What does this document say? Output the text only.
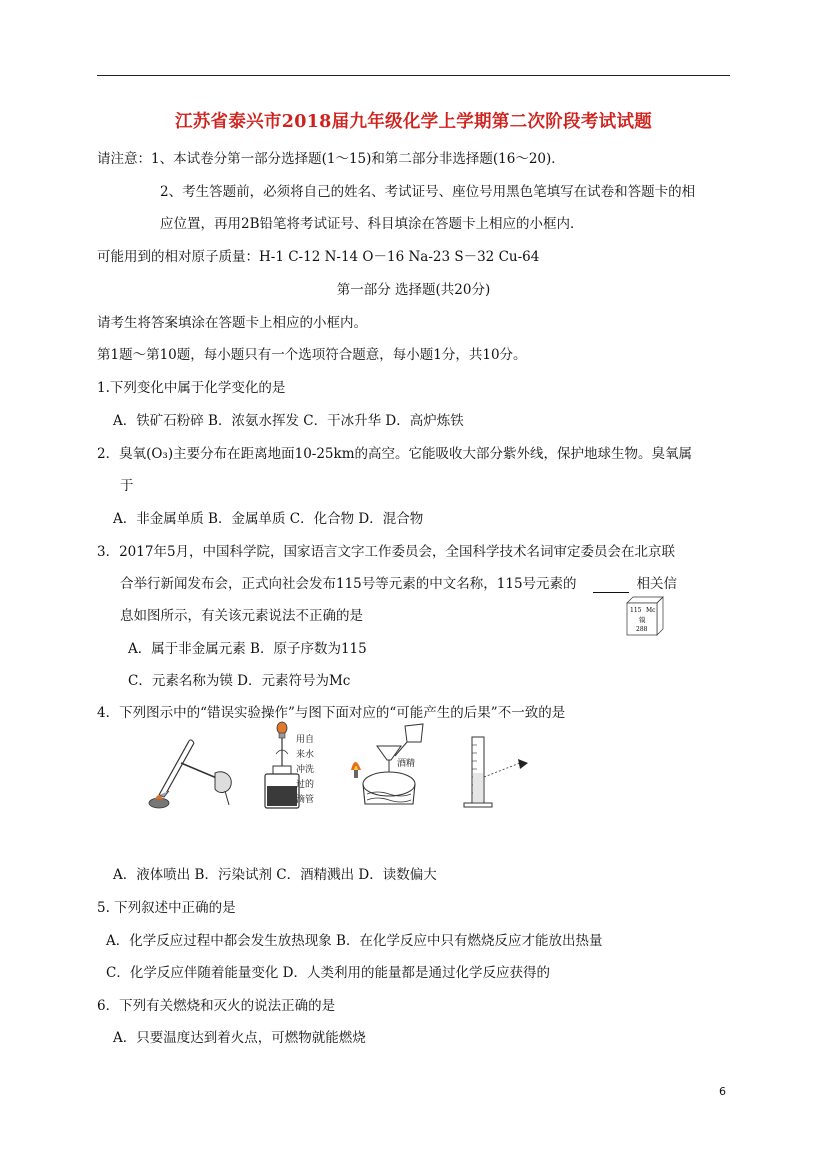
江苏省泰兴市2018届九年级化学上学期第二次阶段考试试题
请注意：1、本试卷分第一部分选择题(1～15)和第二部分非选择题(16～20)．
2、考生答题前，必须将自己的姓名、考试证号、座位号用黑色笔填写在试卷和答题卡的相
应位置，再用2B铅笔将考试证号、科目填涂在答题卡上相应的小框内．
可能用到的相对原子质量：H-1 C-12 N-14 O－16 Na-23 S－32 Cu-64
第一部分 选择题(共20分)
请考生将答案填涂在答题卡上相应的小框内。
第1题～第10题，每小题只有一个选项符合题意，每小题1分，共10分。
1.下列变化中属于化学变化的是
A．铁矿石粉碎 B．浓氨水挥发 C．干冰升华 D．高炉炼铁
2．臭氧(O₃)主要分布在距离地面10-25km的高空。它能吸收大部分紫外线，保护地球生物。臭氧属
于
A．非金属单质 B．金属单质 C．化合物 D．混合物
3．2017年5月，中国科学院，国家语言文字工作委员会，全国科学技术名词审定委员会在北京联
合举行新闻发布会，正式向社会发布115号等元素的中文名称，115号元素的	相关信
息如图所示，有关该元素说法不正确的是
A．属于非金属元素 B．原子序数为115
C．元素名称为镆 D．元素符号为Mc
115 Mc
镆
288
4．下列图示中的“错误实验操作”与图下面对应的“可能产生的后果”不一致的是
用自
来水
冲洗
过的
滴管
酒精
A．液体喷出 B．污染试剂 C．酒精溅出 D．读数偏大
5. 下列叙述中正确的是
A．化学反应过程中都会发生放热现象 B．在化学反应中只有燃烧反应才能放出热量
C．化学反应伴随着能量变化 D．人类利用的能量都是通过化学反应获得的
6．下列有关燃烧和灭火的说法正确的是
A．只要温度达到着火点，可燃物就能燃烧
6
